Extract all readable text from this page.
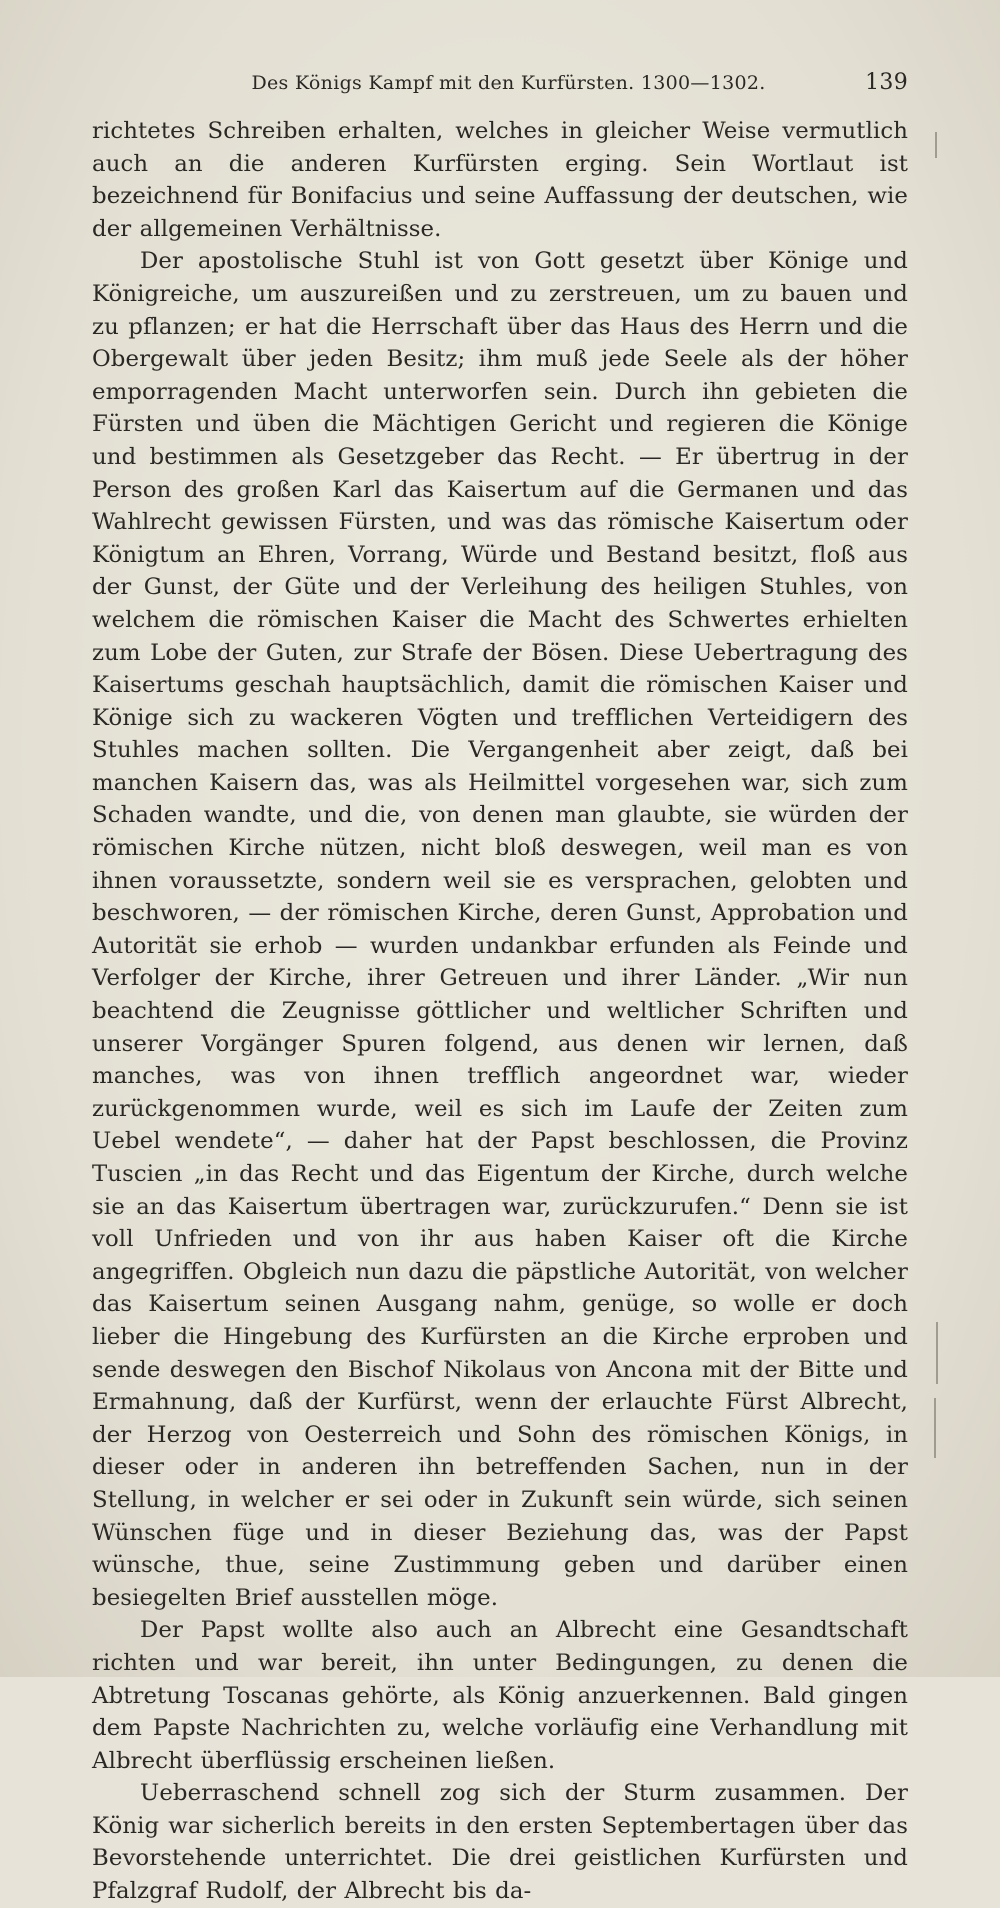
Des Königs Kampf mit den Kurfürsten. 1300—1302.	139

richtetes Schreiben erhalten, welches in gleicher Weise vermutlich auch an die anderen Kurfürsten erging. Sein Wortlaut ist bezeichnend für Bonifacius und seine Auffassung der deutschen, wie der allgemeinen Verhältnisse.

Der apostolische Stuhl ist von Gott gesetzt über Könige und Königreiche, um auszureißen und zu zerstreuen, um zu bauen und zu pflanzen; er hat die Herrschaft über das Haus des Herrn und die Obergewalt über jeden Besitz; ihm muß jede Seele als der höher emporragenden Macht unterworfen sein. Durch ihn gebieten die Fürsten und üben die Mächtigen Gericht und regieren die Könige und bestimmen als Gesetzgeber das Recht. — Er übertrug in der Person des großen Karl das Kaisertum auf die Germanen und das Wahlrecht gewissen Fürsten, und was das römische Kaisertum oder Königtum an Ehren, Vorrang, Würde und Bestand besitzt, floß aus der Gunst, der Güte und der Verleihung des heiligen Stuhles, von welchem die römischen Kaiser die Macht des Schwertes erhielten zum Lobe der Guten, zur Strafe der Bösen. Diese Uebertragung des Kaisertums geschah hauptsächlich, damit die römischen Kaiser und Könige sich zu wackeren Vögten und trefflichen Verteidigern des Stuhles machen sollten. Die Vergangenheit aber zeigt, daß bei manchen Kaisern das, was als Heilmittel vorgesehen war, sich zum Schaden wandte, und die, von denen man glaubte, sie würden der römischen Kirche nützen, nicht bloß deswegen, weil man es von ihnen voraussetzte, sondern weil sie es versprachen, gelobten und beschworen, — der römischen Kirche, deren Gunst, Approbation und Autorität sie erhob — wurden undankbar erfunden als Feinde und Verfolger der Kirche, ihrer Getreuen und ihrer Länder. „Wir nun beachtend die Zeugnisse göttlicher und weltlicher Schriften und unserer Vorgänger Spuren folgend, aus denen wir lernen, daß manches, was von ihnen trefflich angeordnet war, wieder zurückgenommen wurde, weil es sich im Laufe der Zeiten zum Uebel wendete“, — daher hat der Papst beschlossen, die Provinz Tuscien „in das Recht und das Eigentum der Kirche, durch welche sie an das Kaisertum übertragen war, zurückzurufen.“ Denn sie ist voll Unfrieden und von ihr aus haben Kaiser oft die Kirche angegriffen. Obgleich nun dazu die päpstliche Autorität, von welcher das Kaisertum seinen Ausgang nahm, genüge, so wolle er doch lieber die Hingebung des Kurfürsten an die Kirche erproben und sende deswegen den Bischof Nikolaus von Ancona mit der Bitte und Ermahnung, daß der Kurfürst, wenn der erlauchte Fürst Albrecht, der Herzog von Oesterreich und Sohn des römischen Königs, in dieser oder in anderen ihn betreffenden Sachen, nun in der Stellung, in welcher er sei oder in Zukunft sein würde, sich seinen Wünschen füge und in dieser Beziehung das, was der Papst wünsche, thue, seine Zustimmung geben und darüber einen besiegelten Brief ausstellen möge.

Der Papst wollte also auch an Albrecht eine Gesandtschaft richten und war bereit, ihn unter Bedingungen, zu denen die Abtretung Toscanas gehörte, als König anzuerkennen. Bald gingen dem Papste Nachrichten zu, welche vorläufig eine Verhandlung mit Albrecht überflüssig erscheinen ließen.

Ueberraschend schnell zog sich der Sturm zusammen. Der König war sicherlich bereits in den ersten Septembertagen über das Bevorstehende unterrichtet. Die drei geistlichen Kurfürsten und Pfalzgraf Rudolf, der Albrecht bis da-
